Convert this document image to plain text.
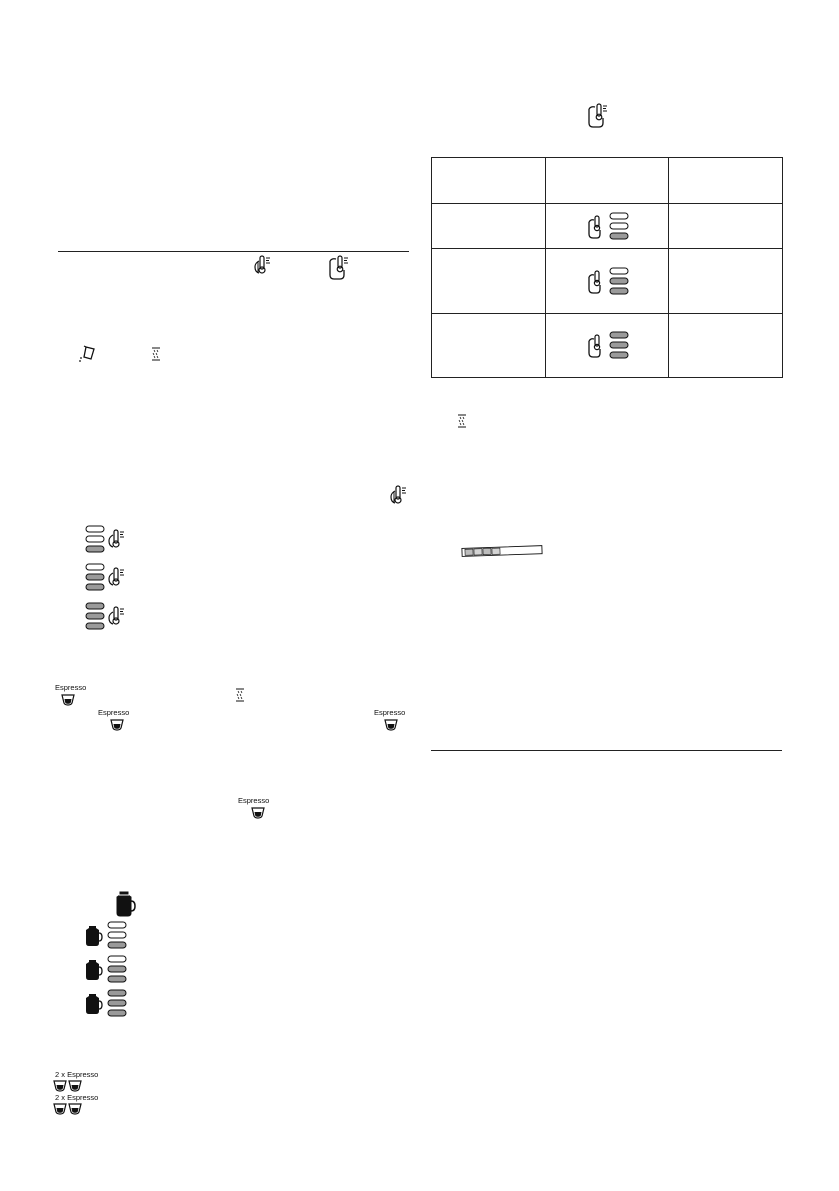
Espresso
Espresso	Espresso
Espresso
2 x Espresso
2 x Espresso
